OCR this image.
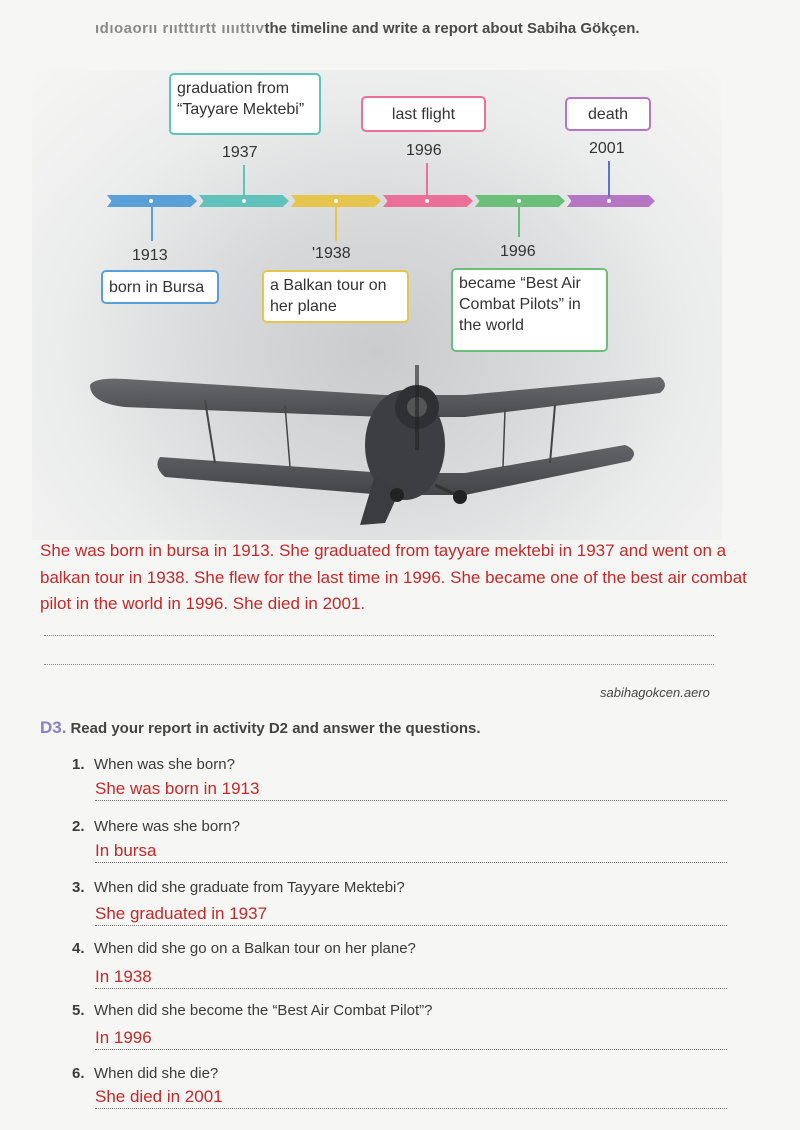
ıdıoaorıı rııtttırtt ııııttıvthe timeline and write a report about Sabiha Gökçen.
1937	1996	2001
graduation from “Tayyare Mektebi”	last flight	death
1913	'1938	1996
born in Bursa	a Balkan tour on her plane
became “Best Air Combat Pilots” in the world
She was born in bursa in 1913. She graduated from tayyare mektebi in 1937 and went on a balkan tour in 1938. She flew for the last time in 1996. She became one of the best air combat pilot in the world in 1996. She died in 2001.
sabihagokcen.aero
D3. Read your report in activity D2 and answer the questions.
1. When was she born?
She was born in 1913
2. Where was she born?
In bursa
3. When did she graduate from Tayyare Mektebi?
She graduated in 1937
4. When did she go on a Balkan tour on her plane?
In 1938
5. When did she become the “Best Air Combat Pilot”?
In 1996
6. When did she die?
She died in 2001
